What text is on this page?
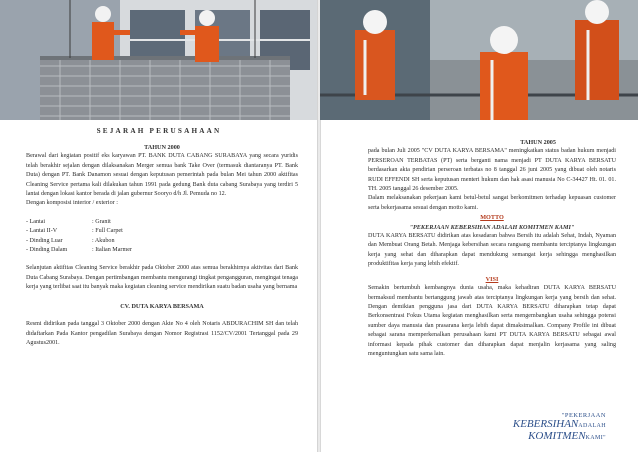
SEJARAH PERUSAHAAN
TAHUN 2000

Berawal dari kegiatan positif eks karyawan PT. BANK DUTA CABANG SURABAYA yang secara yuridis telah berakhir sejalan dengan dilaksanakan Merger semua bank Take Over (termasuk diantaranya PT. Bank Duta) dengan PT. Bank Danamon sesuai dengan keputusan pemerintah pada bulan Mei tahun 2000 aktifitas Cleaning Service pertama kali dilakukan tahun 1991 pada gedung Bank duta cabang Surabaya yang terdiri 5 lantai dengan lokasi kantor berada di jalan gubernur Sooryo d/h Jl. Pemuda no 12.

Dengan komposisi interior / exterior :

- Lantai	: Granit
- Lantai II-V	: Full Carpet
- Dinding Luar	: Akubon
- Dinding Dalam	: Italian Marmer

Selanjutan aktifitas Cleaning Service berakhir pada Oktober 2000 atas semua berakhirnya aktivitas dari Bank Duta Cabang Surabaya. Dengan pertimbangan membantu mengurangi tingkat pengangguran, mengingat tenaga kerja yang terlibat saat itu banyak maka kegiatan cleaning service mendirikan suatu badan usaha yang bernama

CV. DUTA KARYA BERSAMA

Resmi didirikan pada tanggal 3 Oktober 2000 dengan Akte No 4 oleh Notaris ABDURACHIM SH dan telah didaftarkan Pada Kantor pengadilan Surabaya dengan Nomor Registrasi 1152/CV/2001 Tertanggal pada 29 Agustus2001.

TAHUN 2005

pada bulan Juli 2005 "CV DUTA KARYA BERSAMA" meningkatkan status badan hukum menjadi PERSEROAN TERBATAS (PT) serta berganti nama menjadi PT DUTA KARYA BERSATU berdasarkan akta pendirian perseroan terbatas no 8 tanggal 26 juni 2005 yang dibuat oleh notaris RUDI EFFENDI SH serta keputusan menteri hukum dan hak asasi manusia No C-34427 Ht. 01. 01. TH. 2005 tanggal 26 desember 2005.

Dalam melaksanakan pekerjaan kami betul-betul sangat berkomitmen terhadap kepuasan customer serta bekerjasama sesuai dengan motto kami.

MOTTO
"PEKERJAAN KEBERSIHAN ADALAH KOMITMEN KAMI"

DUTA KARYA BERSATU didirikan atas kesadaran bahwa Bersih itu adalah Sehat, Indah, Nyaman dan Membuat Orang Betah. Menjaga kebersihan secara rangsang membantu terciptanya lingkungan kerja yang sehat dan diharapkan dapat mendukung semangat kerja sehingga menghasilkan produktifitas kerja yang lebih efektif.

VISI

Semakin bertumbuh kembangnya dunia usaha, maka kehadiran DUTA KARYA BERSATU bermaksud membantu bertanggung jawab atas terciptanya lingkungan kerja yang bersih dan sehat. Dengan demikian pengguna jasa dari DUTA KARYA BERSATU diharapkan tetap dapat Berkonsentrasi Fokus Utama kegiatan menghasilkan serta mengembangkan usaha sehingga potensi sumber daya manusia dan prasarana kerja lebih dapat dimaksimalkan. Company Profile ini dibuat sebagai sarana memperkenalkan perusahaan kami PT DUTA KARYA BERSATU sebagai awal informasi kepada pihak customer dan diharapkan dapat menjalin kerjasama yang saling menguntungkan satu sama lain.

"PEKERJAAN
KEBERSIHANADALAH
KOMITMENKAMI"
